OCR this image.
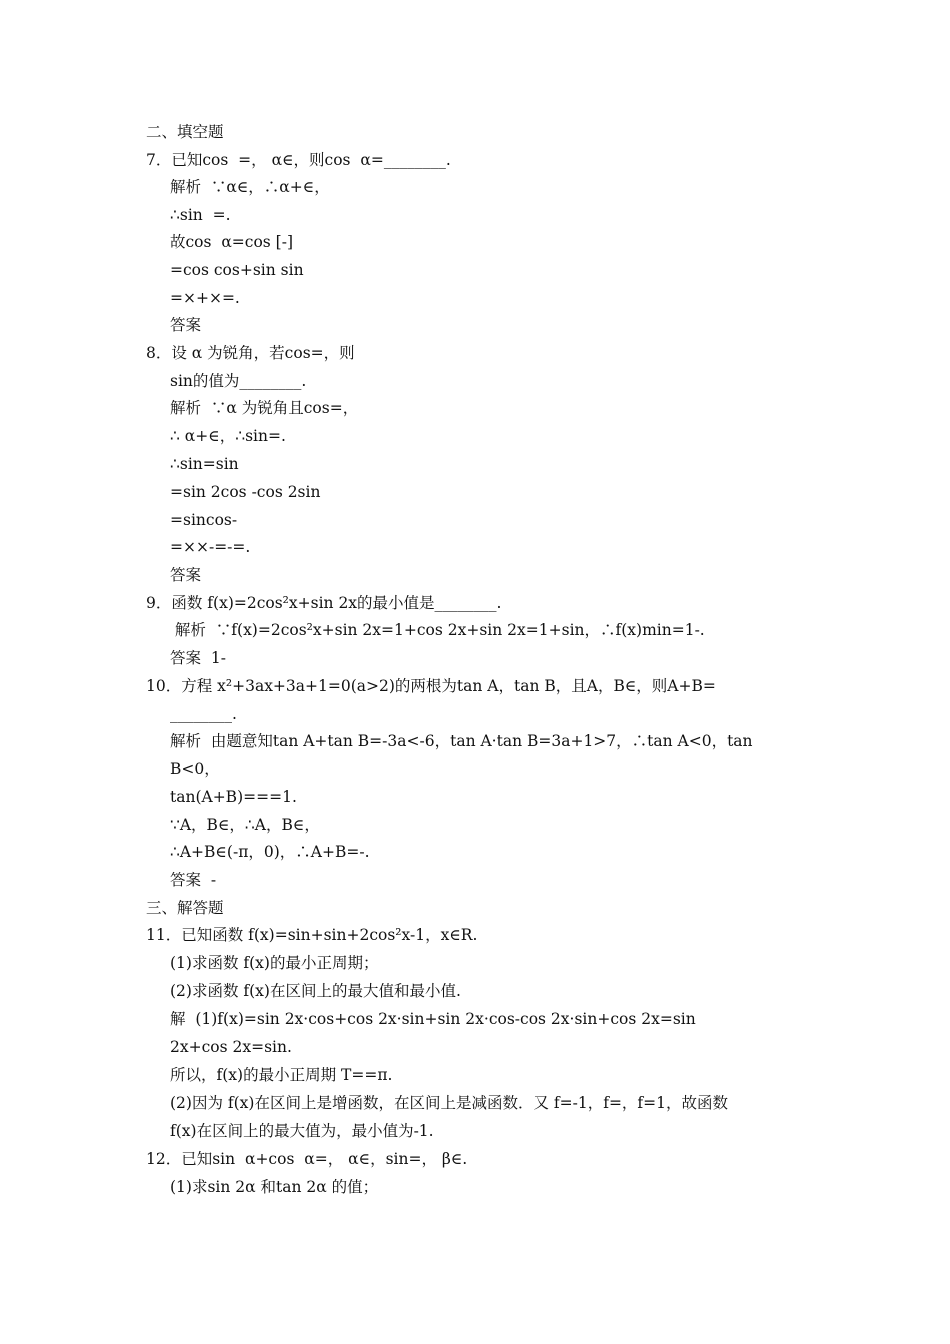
二、填空题
7．已知cos  =， α∈，则cos  α=________.
解析  ∵α∈，∴α+∈，
∴sin  =.
故cos  α=cos [-]
=cos cos+sin sin
=×+×=.
答案
8．设 α 为锐角，若cos=，则
sin的值为________.
解析  ∵α 为锐角且cos=，
∴ α+∈，∴sin=.
∴sin=sin
=sin 2cos -cos 2sin
=sincos-
=××-=-=.
答案
9．函数 f(x)=2cos²x+sin 2x的最小值是________.
解析  ∵f(x)=2cos²x+sin 2x=1+cos 2x+sin 2x=1+sin，∴f(x)min=1-.
答案  1-
10．方程 x²+3ax+3a+1=0(a>2)的两根为tan A，tan B，且A，B∈，则A+B=
________.
解析  由题意知tan A+tan B=-3a<-6，tan A·tan B=3a+1>7，∴tan A<0，tan
B<0，
tan(A+B)===1.
∵A，B∈，∴A，B∈，
∴A+B∈(-π，0)，∴A+B=-.
答案  -
三、解答题
11．已知函数 f(x)=sin+sin+2cos²x-1，x∈R.
(1)求函数 f(x)的最小正周期；
(2)求函数 f(x)在区间上的最大值和最小值.
解  (1)f(x)=sin 2x·cos+cos 2x·sin+sin 2x·cos-cos 2x·sin+cos 2x=sin
2x+cos 2x=sin.
所以，f(x)的最小正周期 T==π.
(2)因为 f(x)在区间上是增函数，在区间上是减函数．又 f=-1，f=，f=1，故函数
f(x)在区间上的最大值为，最小值为-1.
12．已知sin  α+cos  α=， α∈，sin=， β∈.
(1)求sin 2α 和tan 2α 的值；
